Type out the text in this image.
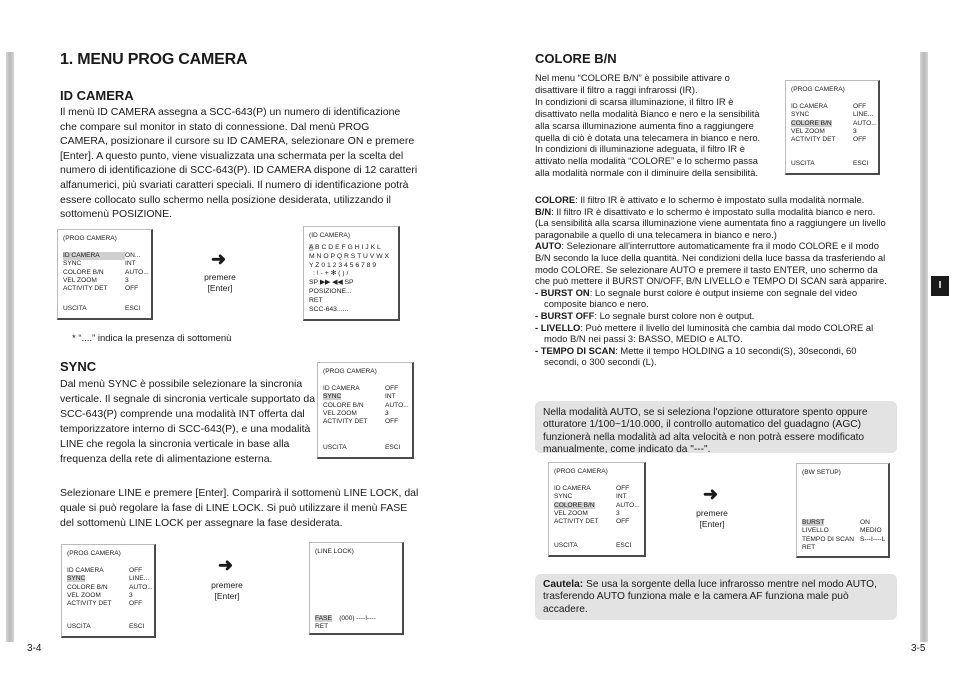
1. MENU PROG CAMERA
ID CAMERA

Il menù ID CAMERA assegna a SCC-643(P) un numero di identificazione che compare sul monitor in stato di connessione. Dal menù PROG CAMERA, posizionare il cursore su ID CAMERA, selezionare ON e premere [Enter]. A questo punto, viene visualizzata una schermata per la scelta del numero di identificazione di SCC-643(P). ID CAMERA dispone di 12 caratteri alfanumerici, più svariati caratteri speciali. Il numero di identificazione potrà essere collocato sullo schermo nella posizione desiderata, utilizzando il sottomenù POSIZIONE.

(PROG CAMERA)
ID CAMERA	ON...
SYNC	INT
COLORE B/N	AUTO...
VEL ZOOM	3
ACTIVITY DET	OFF
USCITA	ESCI
➜
premere
[Enter]
(ID CAMERA)
A B C D E F G H I J K L
M N O P Q R S T U V W X
Y Z 0 1 2 3 4 5 6 7 8 9
: ! - + ✻ ( ) /
SP ▶▶ ◀◀ SP
POSIZIONE...
RET
SCC-643......
* “....” indica la presenza di sottomenù
SYNC

Dal menù SYNC è possibile selezionare la sincronia verticale. Il segnale di sincronia verticale supportato da SCC-643(P) comprende una modalità INT offerta dal temporizzatore interno di SCC-643(P), e una modalità LINE che regola la sincronia verticale in base alla frequenza della rete di alimentazione esterna.

(PROG CAMERA)
ID CAMERA	OFF
SYNC	INT
COLORE B/N	AUTO...
VEL ZOOM	3
ACTIVITY DET	OFF
USCITA	ESCI

Selezionare LINE e premere [Enter]. Comparirà il sottomenù LINE LOCK, dal quale si può regolare la fase di LINE LOCK. Si può utilizzare il menù FASE del sottomenù LINE LOCK per assegnare la fase desiderata.

(PROG CAMERA)
ID CAMERA	OFF
SYNC	LINE...
COLORE B/N	AUTO...
VEL ZOOM	3
ACTIVITY DET	OFF
USCITA	ESCI
➜
premere
[Enter]
(LINE LOCK)
FASE (000) ----I----
RET
3-4
COLORE B/N
Nel menu “COLORE B/N” è possibile attivare o
disattivare il filtro a raggi infrarossi (IR).
In condizioni di scarsa illuminazione, il filtro IR è
disattivato nella modalità Bianco e nero e la sensibilità
alla scarsa illuminazione aumenta fino a raggiungere
quella di ciò è dotata una telecamera in bianco e nero.
In condizioni di illuminazione adeguata, il filtro IR è
attivato nella modalità “COLORE” e lo schermo passa
alla modalità normale con il diminuire della sensibilità.
(PROG CAMERA)
ID CAMERA	OFF
SYNC	LINE...
COLORE B/N	AUTO...
VEL ZOOM	3
ACTIVITY DET	OFF
USCITA	ESCI

COLORE: Il filtro IR è attivato e lo schermo è impostato sulla modalità normale.

B/N: Il filtro IR è disattivato e lo schermo è impostato sulla modalità bianco e nero. (La sensibilità alla scarsa illuminazione viene aumentata fino a raggiungere un livello paragonabile a quello di una telecamera in bianco e nero.)

AUTO: Selezionare all'interruttore automaticamente fra il modo COLORE e il modo B/N secondo la luce della quantità. Nei condizioni della luce bassa da trasferiendo al modo COLORE. Se selezionare AUTO e premere il tasto ENTER, uno schermo da che può mettere il BURST ON/OFF, B/N LIVELLO e TEMPO DI SCAN sarà apparire.

- BURST ON: Lo segnale burst colore è output insieme con segnale del video composite bianco e nero.

- BURST OFF: Lo segnale burst colore non è output.

- LIVELLO: Può mettere il livello del luminosità che cambia dal modo COLORE al modo B/N nei passi 3: BASSO, MEDIO e ALTO.

- TEMPO DI SCAN: Mette il tempo HOLDING a 10 secondi(S), 30secondi, 60 secondi, o 300 secondi (L).

Nella modalità AUTO, se si seleziona l'opzione otturatore spento oppure otturatore 1/100~1/10.000, il controllo automatico del guadagno (AGC) funzionerà nella modalità ad alta velocità e non potrà essere modificato manualmente, come indicato da "---".
(PROG CAMERA)
ID CAMERA	OFF
SYNC	INT
COLORE B/N	AUTO...
VEL ZOOM	3
ACTIVITY DET	OFF
USCITA	ESCI
➜
premere
[Enter]
(BW SETUP)
BURST	ON
LIVELLO	MEDIO
TEMPO DI SCAN S---I----L
RET
Cautela: Se usa la sorgente della luce infrarosso mentre nel modo AUTO, trasferendo AUTO funziona male e la camera AF funziona male può accadere.
I
3-5
